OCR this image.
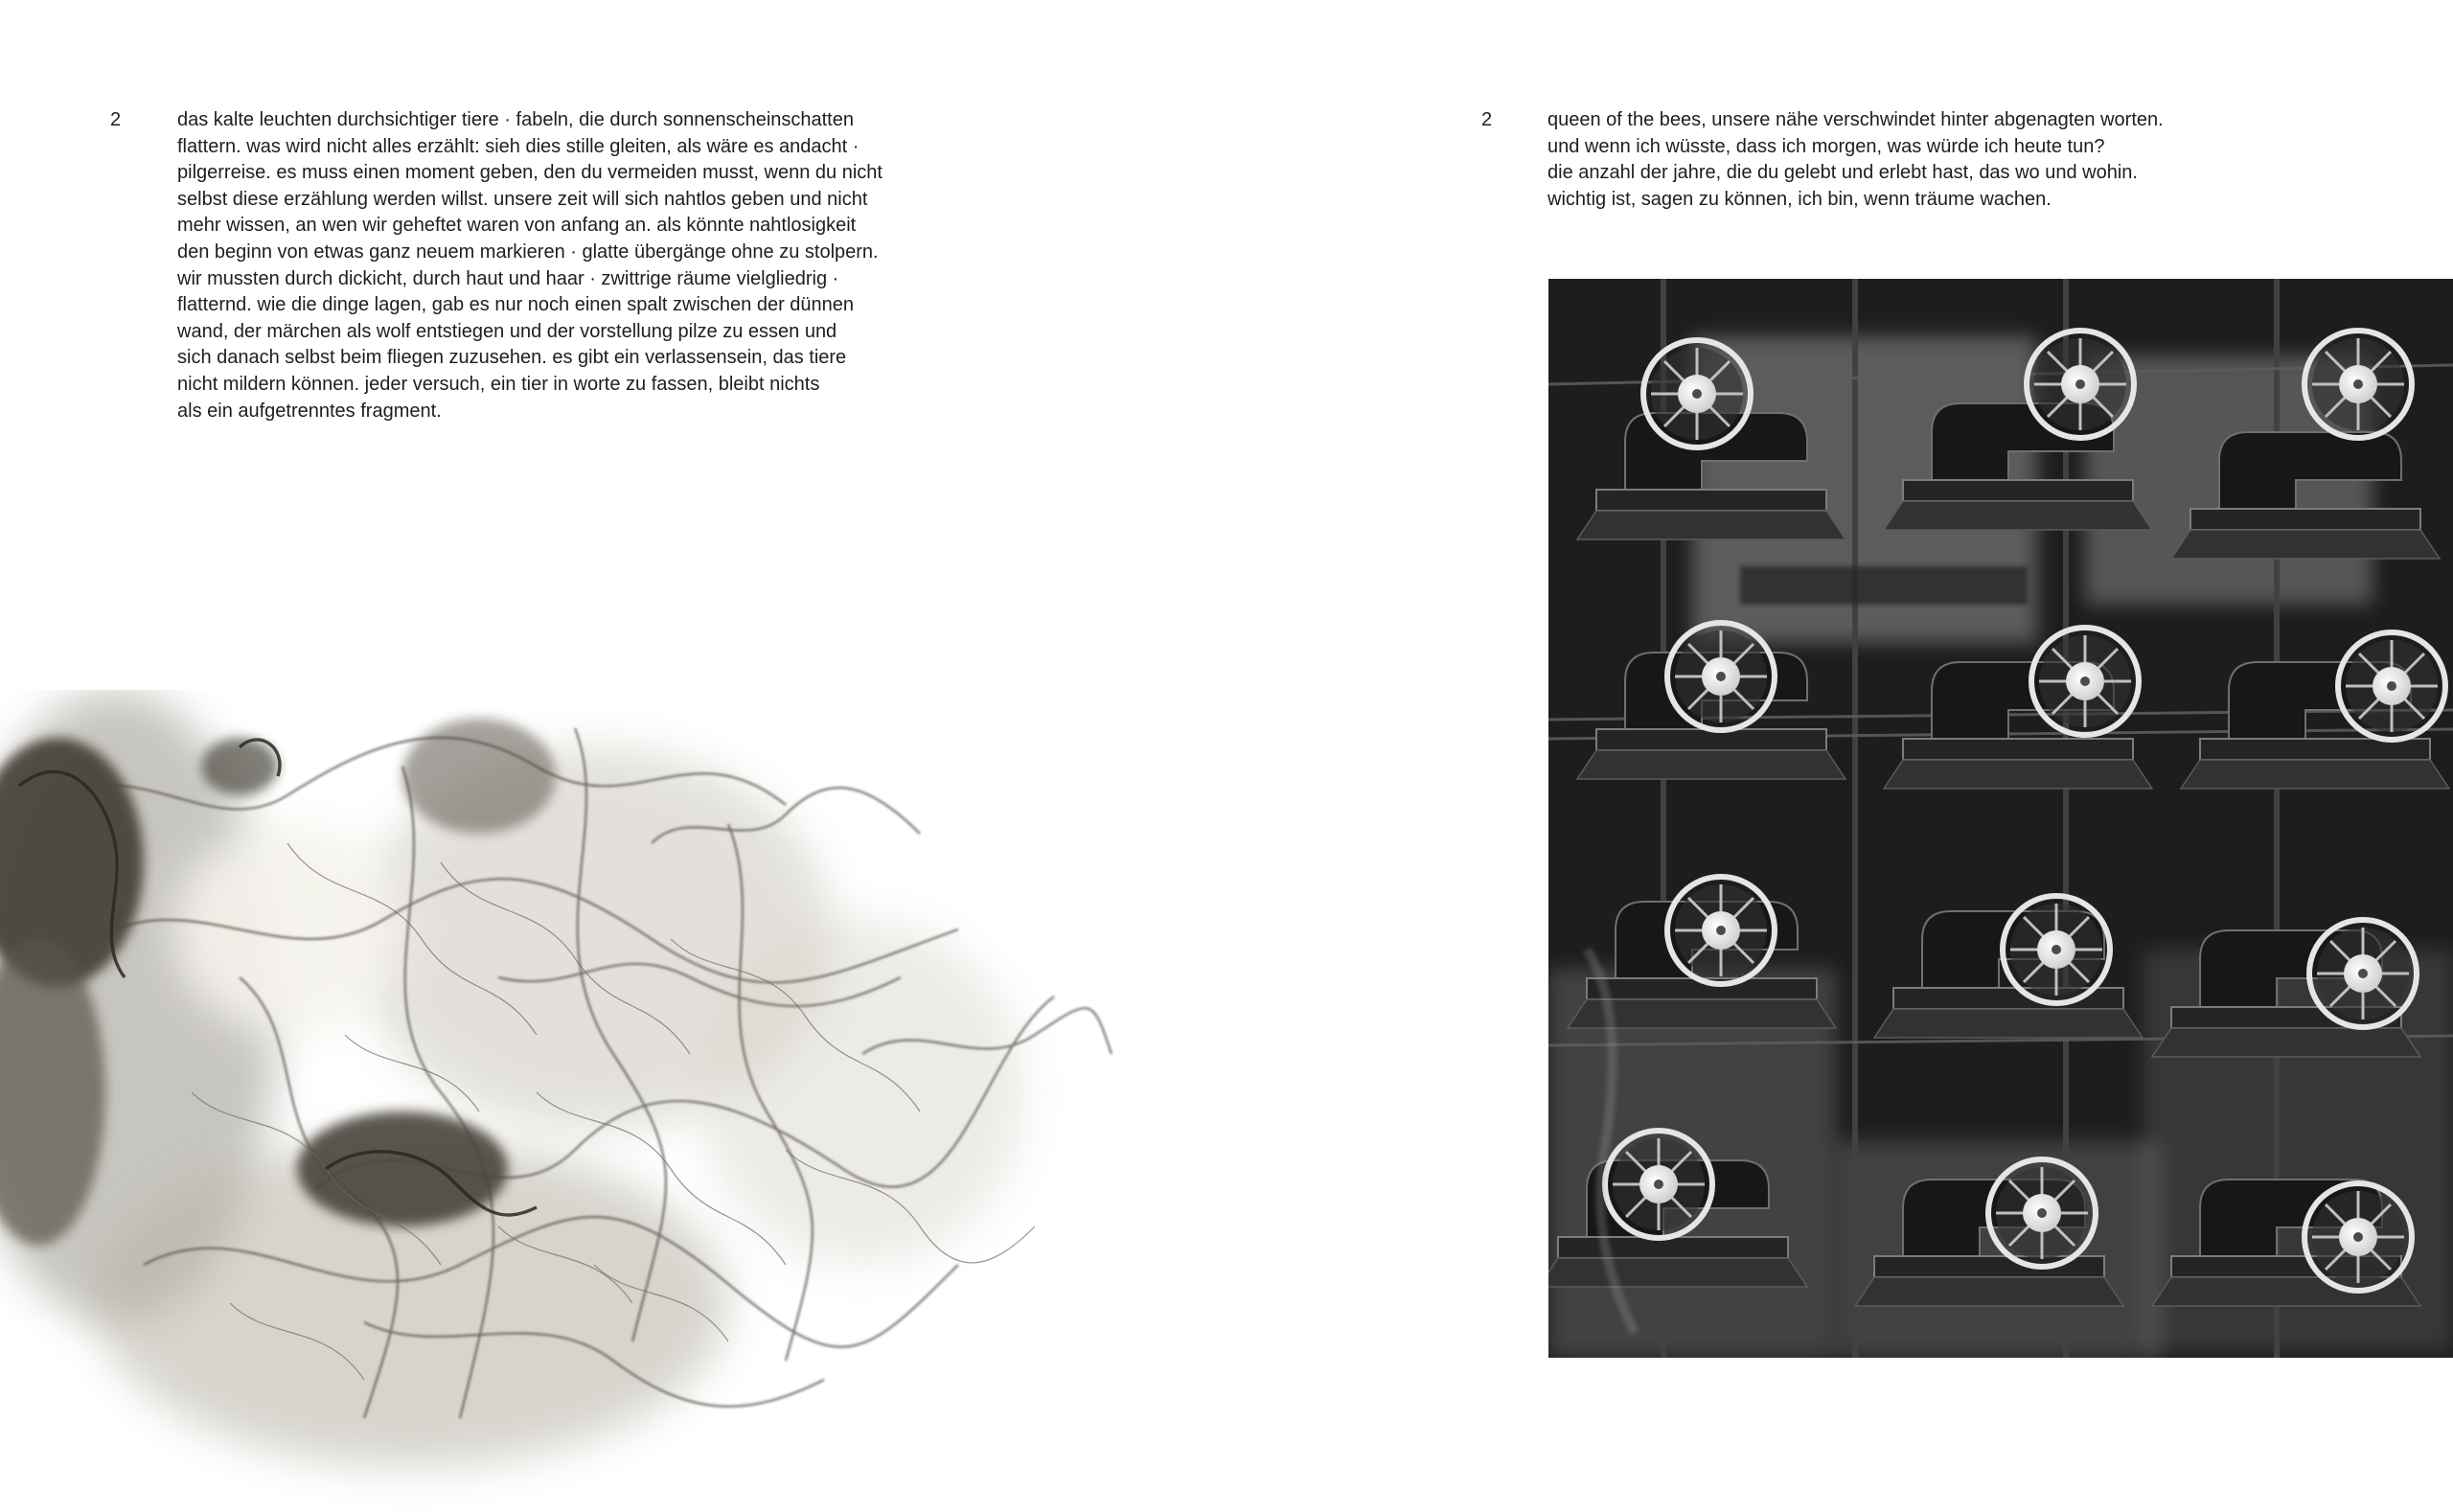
2	das kalte leuchten durchsichtiger tiere · fabeln, die durch sonnenscheinschatten
flattern. was wird nicht alles erzählt: sieh dies stille gleiten, als wäre es andacht ·
pilgerreise. es muss einen moment geben, den du vermeiden musst, wenn du nicht
selbst diese erzählung werden willst. unsere zeit will sich nahtlos geben und nicht
mehr wissen, an wen wir geheftet waren von anfang an. als könnte nahtlosigkeit
den beginn von etwas ganz neuem markieren · glatte übergänge ohne zu stolpern.
wir mussten durch dickicht, durch haut und haar · zwittrige räume vielgliedrig ·
flatternd. wie die dinge lagen, gab es nur noch einen spalt zwischen der dünnen
wand, der märchen als wolf entstiegen und der vorstellung pilze zu essen und
sich danach selbst beim fliegen zuzusehen. es gibt ein verlassensein, das tiere
nicht mildern können. jeder versuch, ein tier in worte zu fassen, bleibt nichts
als ein aufgetrenntes fragment.

2	queen of the bees, unsere nähe verschwindet hinter abgenagten worten.
und wenn ich wüsste, dass ich morgen, was würde ich heute tun?
die anzahl der jahre, die du gelebt und erlebt hast, das wo und wohin.
wichtig ist, sagen zu können, ich bin, wenn träume wachen.
